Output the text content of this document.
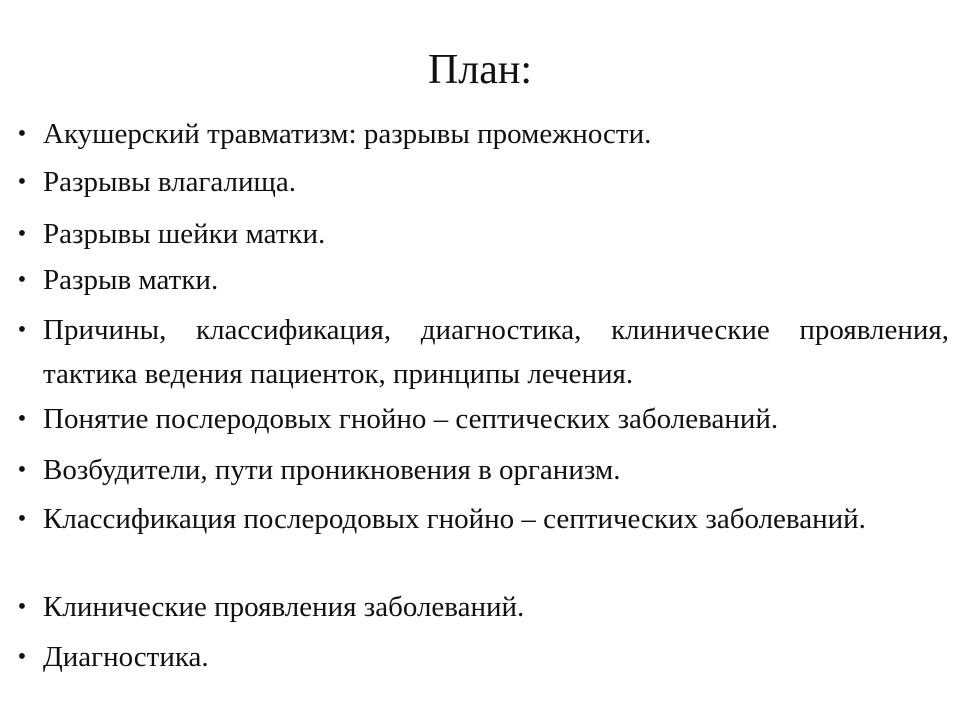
План:
• Акушерский травматизм: разрывы промежности.
• Разрывы влагалища.
• Разрывы шейки матки.
• Разрыв матки.
• Причины, классификация, диагностика, клинические проявления, тактика ведения пациенток, принципы лечения.
• Понятие послеродовых гнойно – септических заболеваний.
• Возбудители, пути проникновения в организм.
• Классификация послеродовых гнойно – септических заболеваний.
• Клинические проявления заболеваний.
• Диагностика.
